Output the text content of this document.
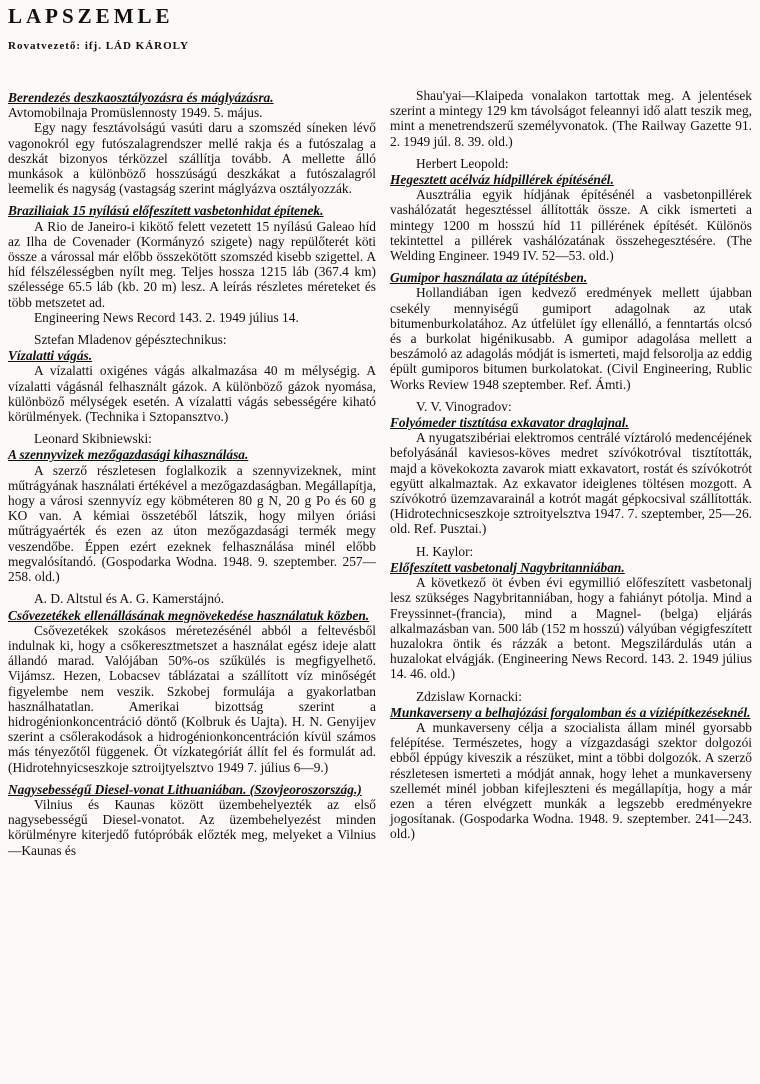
LAPSZEMLE
Rovatvezető: ifj. LÁD KÁROLY
Berendezés deszkaosztályozásra és máglyázásra.
Avtomobilnaja Promüslennosty 1949. 5. május.

Egy nagy fesztávolságú vasúti daru a szomszéd síneken lévő vagonokról egy futószalagrendszer mellé rakja és a futószalag a deszkát bizonyos térközzel szállítja tovább. A mellette álló munkások a különböző hosszúságú deszkákat a futószalagról leemelik és nagyság (vastagság szerint máglyázva osztályozzák.

Braziliaiak 15 nyílású előfeszített vasbetonhidat építenek.

A Rio de Janeiro-i kikötő felett vezetett 15 nyílású Galeao híd az Ilha de Covenader (Kormányzó szigete) nagy repülőterét köti össze a várossal már előbb összekötött szomszéd kisebb szigettel. A híd félszélességben nyílt meg. Teljes hossza 1215 láb (367.4 km) szélessége 65.5 láb (kb. 20 m) lesz. A leírás részletes méreteket és több metszetet ad.

Engineering News Record 143. 2. 1949 július 14.

Sztefan Mladenov gépésztechnikus:
Vízalatti vágás.

A vízalatti oxigénes vágás alkalmazása 40 m mélységig. A vízalatti vágásnál felhasznált gázok. A különböző gázok nyomása, különböző mélységek esetén. A vízalatti vágás sebességére kiható körülmények. (Technika i Sztopansztvo.)

Leonard Skibniewski:
A szennyvizek mezőgazdasági kihasználása.

A szerző részletesen foglalkozik a szennyvizeknek, mint műtrágyának használati értékével a mezőgazdaságban. Megállapítja, hogy a városi szennyvíz egy köbméteren 80 g N, 20 g Po és 60 g KO van. A kémiai összetéből látszik, hogy milyen óriási műtrágyaérték és ezen az úton mezőgazdasági termék megy veszendőbe. Éppen ezért ezeknek felhasználása minél előbb megvalósítandó. (Gospodarka Wodna. 1948. 9. szeptember. 257—258. old.)

A. D. Altstul és A. G. Kamerstájnó.
Csővezetékek ellenállásának megnövekedése használatuk közben.

Csővezetékek szokásos méretezésénél abból a feltevésből indulnak ki, hogy a csőkeresztmetszet a használat egész ideje alatt állandó marad. Valójában 50%-os szűkülés is megfigyelhető. Vijámsz. Hezen, Lobacsev táblázatai a szállított víz minőségét figyelembe nem veszik. Szkobej formulája a gyakorlatban használhatatlan. Amerikai bizottság szerint a hidrogénionkoncentráció döntő (Kolbruk és Uajta). H. N. Genyijev szerint a csőlerakodások a hidrogénionkoncentráción kívül számos más tényezőtől függenek. Öt vízkategóriát állít fel és formulát ad. (Hidrotehnyicseszkoje sztroijtyelsztvo 1949 7. július 6—9.)

Nagysebességű Diesel-vonat Lithuaniában. (Szovjeoroszország.)

Vilnius és Kaunas között üzembehelyezték az első nagysebességű Diesel-vonatot. Az üzembehelyezést minden körülményre kiterjedő futópróbák előzték meg, melyeket a Vilnius—Kaunas és

Shau'yai—Klaipeda vonalakon tartottak meg. A jelentések szerint a mintegy 129 km távolságot feleannyi idő alatt teszik meg, mint a menetrendszerű személyvonatok. (The Railway Gazette 91. 2. 1949 júl. 8. 39. old.)

Herbert Leopold:
Hegesztett acélváz hídpillérek építésénél.

Ausztrália egyik hídjának építésénél a vasbetonpillérek vashálózatát hegesztéssel állították össze. A cikk ismerteti a mintegy 1200 m hosszú híd 11 pillérének építését. Különös tekintettel a pillérek vashálózatának összehegesztésére. (The Welding Engineer. 1949 IV. 52—53. old.)

Gumipor használata az útépítésben.

Hollandiában igen kedvező eredmények mellett újabban csekély mennyiségű gumiport adagolnak az utak bitumenburkolatához. Az útfelület így ellenálló, a fenntartás olcsó és a burkolat higénikusabb. A gumipor adagolása mellett a beszámoló az adagolás módját is ismerteti, majd felsorolja az eddig épült gumiporos bitumen burkolatokat. (Civil Engineering, Rublic Works Review 1948 szeptember. Ref. Ámti.)

V. V. Vinogradov:
Folyómeder tisztítása exkavator draglajnal.

A nyugatszibériai elektromos centrálé víztároló medencéjének befolyásánál kaviesos-köves medret szívókotróval tisztították, majd a kövekokozta zavarok miatt exkavatort, rostát és szívókotrót együtt alkalmaztak. Az exkavator ideiglenes töltésen mozgott. A szívókotró üzemzavarainál a kotrót magát gépkocsival szállították. (Hidrotechnicseszkoje sztroityelsztva 1947. 7. szeptember, 25—26. old. Ref. Pusztai.)

H. Kaylor:
Előfeszített vasbetonalj Nagybritanniában.

A következő öt évben évi egymillió előfeszített vasbetonalj lesz szükséges Nagybritanniában, hogy a fahiányt pótolja. Mind a Freyssinnet-(francia), mind a Magnel- (belga) eljárás alkalmazásban van. 500 láb (152 m hosszú) vályúban végigfeszített huzalokra öntik és rázzák a betont. Megszilárdulás után a huzalokat elvágják. (Engineering News Record. 143. 2. 1949 július 14. 46. old.)

Zdzislaw Kornacki:
Munkaverseny a belhajózási forgalomban és a víziépítkezéseknél.

A munkaverseny célja a szocialista állam minél gyorsabb felépítése. Természetes, hogy a vízgazdasági szektor dolgozói ebből éppúgy kiveszik a részüket, mint a többi dolgozók. A szerző részletesen ismerteti a módját annak, hogy lehet a munkaverseny szellemét minél jobban kifejleszteni és megállapítja, hogy a már ezen a téren elvégzett munkák a legszebb eredményekre jogosítanak. (Gospodarka Wodna. 1948. 9. szeptember. 241—243. old.)
